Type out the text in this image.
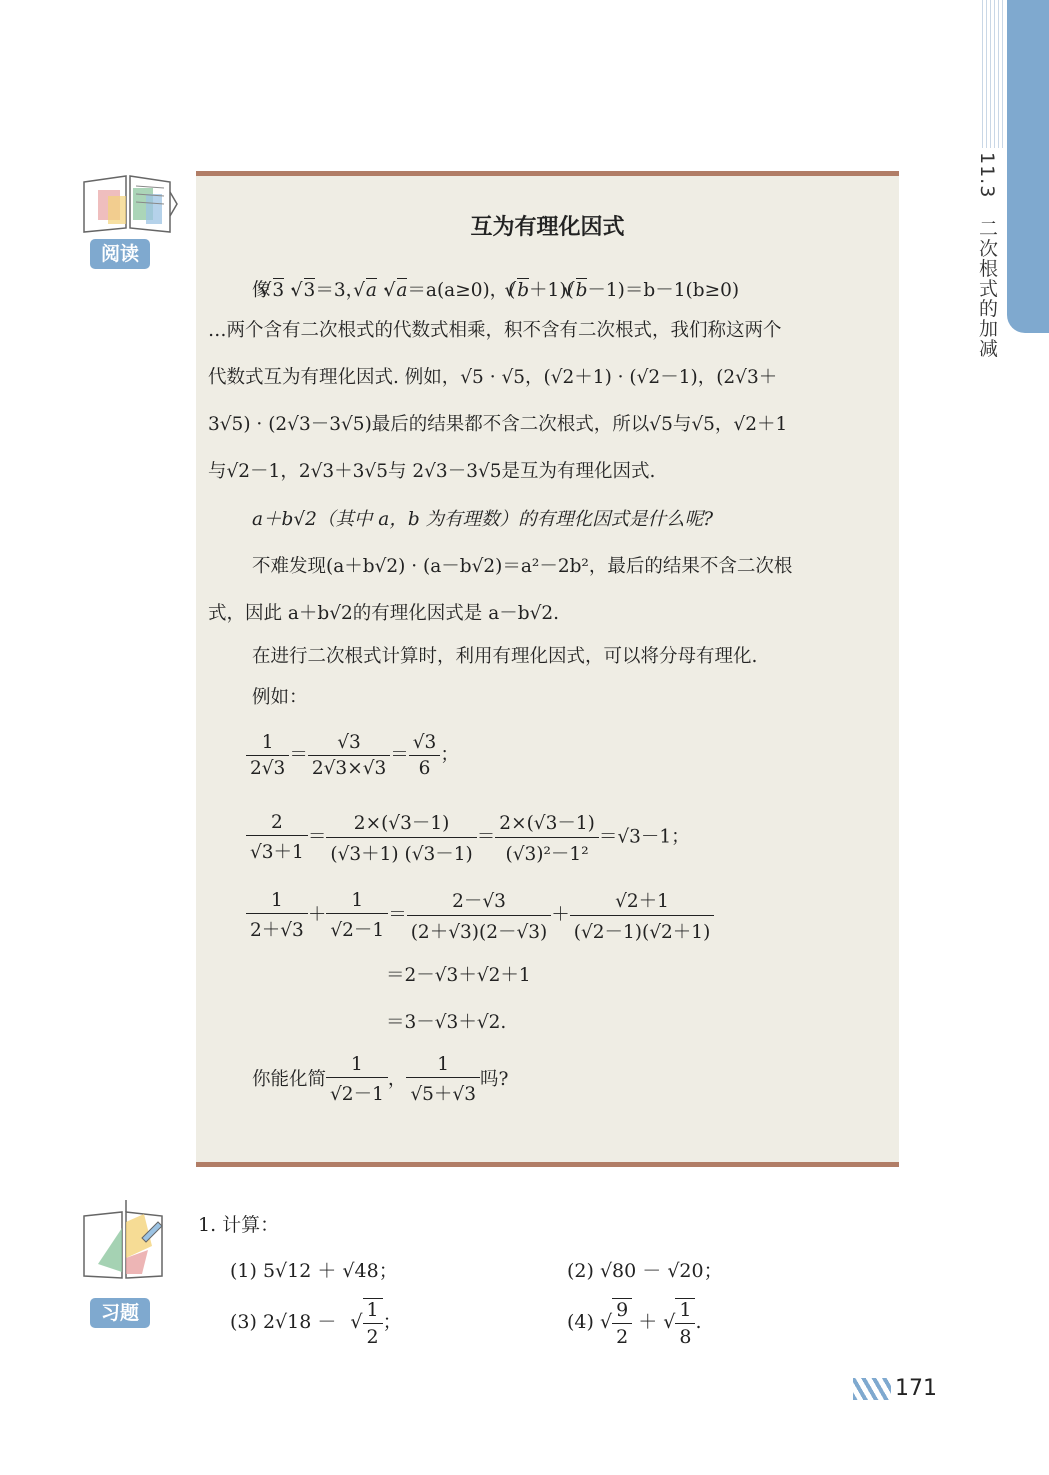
11.3　二次根式的加减
阅读
互为有理化因式
像√ 3 · √ 3＝3，√ a · √ a＝a(a≥0)，(√ b＋1)(√ b－1)＝b－1(b≥0)
…两个含有二次根式的代数式相乘，积不含有二次根式，我们称这两个
代数式互为有理化因式. 例如，√5 · √5，(√2＋1) · (√2－1)，(2√3＋
3√5) · (2√3－3√5)最后的结果都不含二次根式，所以√5与√5，√2＋1
与√2－1，2√3＋3√5与 2√3－3√5是互为有理化因式.
a＋b√2（其中 a，b 为有理数）的有理化因式是什么呢?
不难发现(a＋b√2) · (a－b√2)＝a²－2b²，最后的结果不含二次根
式，因此 a＋b√2的有理化因式是 a－b√2.
在进行二次根式计算时，利用有理化因式，可以将分母有理化.
例如：
$\frac{1}{2√3} = \frac{√3}{2√3\times√3} = \frac{√3}{6}$ ；
$\frac{2}{√3+1} = \frac{2\times(√3-1)}{(√3+1) (√3-1)} = \frac{2\times(√3-1)}{\text{(√3)²－1²}} =√3-1$；
$\frac{1}{2+√3} + \frac{1}{√2-1} = \frac{2-√3}{(2+√3)(2-√3)} + \frac{√2+1}{(√2-1)(√2+1)}$
＝2－√3＋√2＋1
＝3－√3＋√2.
你能化简 $\frac{1}{√2-1}$ ， $\frac{1}{√5+√3}$ 吗?
习题
1. 计算：
(1) 5√12 ＋ √48；	(2) √80 － √20；
(3) 2√18 － √ $\frac{1}{2}$ ；	(4) √ $\frac{9}{2}$ ＋ √ $\frac{1}{8}$ .
171
